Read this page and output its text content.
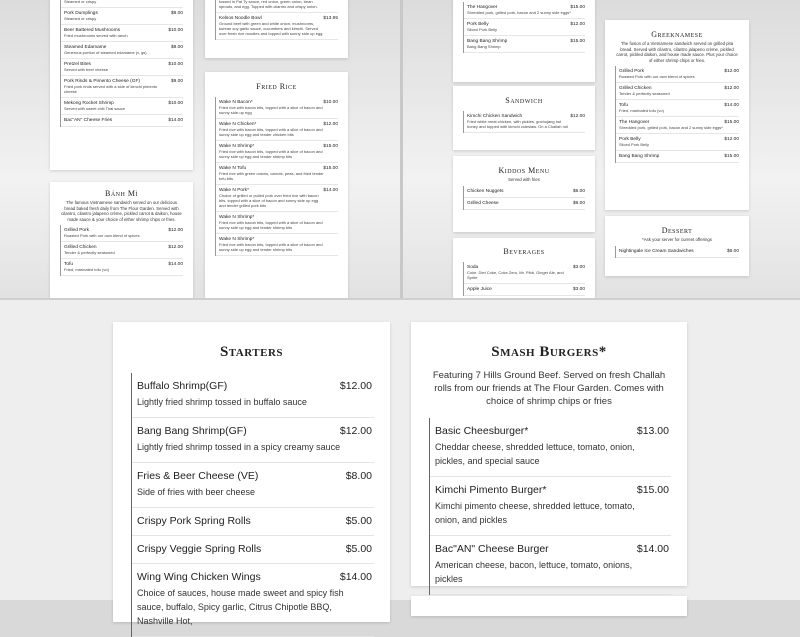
Steamed or crispy
Pork Dumplings	$8.00
Steamed or crispy
Beer Battered Mushrooms	$10.00
Fried mushrooms served with ranch
Steamed Edamame	$8.00
Generous portion of steamed edamame (v, gs)
Pretzel Bites	$10.00
Served with beer cheese
Pork Rinds & Pimento Cheese (GF)	$9.00
Fried pork rinds served with a side of kimchi pimento cheese
Mekong Rocket Shrimp	$10.00
Served with sweet chili Thai sauce
Bac"AN" Cheese Fries	$14.00
tossed in Pat Ty sauce, red onion, green onion, bean sprouts, and egg. Topped with cilantro and crispy onion.
Kelsos Noodle Bowl	$13.95
Ground beef with green and white onion, mushrooms, korean soy garlic sauce, cucumbers and kimchi. Served over fresh rice noodles and topped with sunny side up egg.
Fried Rice
Wake N Bacon*	$10.00
Fried rice with bacon bits, topped with a slice of bacon and sunny side-up egg
Wake N Chicken*	$12.00
Fried rice with bacon bits, topped with a slice of bacon and sunny side up egg and tender chicken bits
Wake N Shrimp*	$15.00
Fried rice with bacon bits, topped with a slice of bacon and sunny side up egg and tender shrimp bits
Wake N Tofu	$15.00
Fried rice with green onions, carrots, peas, and fried tender tofu bits
Wake N Pork*	$14.00
Choice of grilled or pulled pork over fried rice with bacon bits, topped with a slice of bacon and sunny side up egg and tender grilled pork bits
Wake N Shrimp*
Fried rice with bacon bits, topped with a slice of bacon and sunny side up egg and tender shrimp bits
Wake N Shrimp*
Fried rice with bacon bits, topped with a slice of bacon and sunny side up egg and tender shrimp bits
Bánh Mì
The famous Vietnamese sandwich served on our delicious bread baked fresh daily from The Flour Garden. Served with cilantro, cilantro jalapeno crème, pickled carrot & daikon, house made sauce & your choice of either shrimp chips or fries.
Grilled Pork	$12.00
Roasted Pork with our own blend of spices
Grilled Chicken	$12.00
Tender & perfectly seasoned
Tofu	$14.00
Fried, marinated tofu (vo)
The Hangover	$15.00
Shredded pork, grilled pork, bacon and 2 sunny side eggs*
Pork Belly	$12.00
Sliced Pork Belly
Bang Bang Shrimp	$15.00
Bang Bang Shrimp
Sandwich
Kimchi Chicken Sandwich	$12.00
Fried white meat chicken, with pickles, gochujang hot honey and topped with kimchi coleslaw. On a Challah roll
Kiddos Menu
Served with fries
Chicken Nuggets	$6.00
Grilled Cheese	$6.00
Beverages
Soda	$3.00
Coke, Diet Coke, Coke Zero, Mr. Pibb, Ginger Ale, and Sprite
Apple Juice	$3.00
Greeknamese
The fusion of a Vietnamese sandwich served on grilled pita bread. Served with cilantro, cilantro jalapeno crème, pickled carrot, pickled daikon, and house made sauce. Plus your choice of either shrimp chips or fries.
Grilled Pork	$12.00
Roasted Pork with our own blend of spices
Grilled Chicken	$12.00
Tender & perfectly seasoned
Tofu	$14.00
Fried, marinated tofu (vo)
The Hangover	$15.00
Shredded pork, grilled pork, bacon and 2 sunny side eggs*
Pork Belly	$12.00
Sliced Pork Belly
Bang Bang Shrimp	$15.00
Dessert
*Ask your server for current offerings
Nightingale Ice Cream Sandwiches	$6.00
Starters
Buffalo Shrimp(GF)	$12.00
Lightly fried shrimp tossed in buffalo sauce
Bang Bang Shrimp(GF)	$12.00
Lightly fried shrimp tossed in a spicy creamy sauce
Fries & Beer Cheese (VE)	$8.00
Side of fries with beer cheese
Crispy Pork Spring Rolls	$5.00
Crispy Veggie Spring Rolls	$5.00
Wing Wing Chicken Wings	$14.00
Choice of sauces, house made sweet and spicy fish sauce, buffalo, Spicy garlic, Citrus Chipotle BBQ, Nashville Hot,
Smash Burgers*
Featuring 7 Hills Ground Beef. Served on fresh Challah rolls from our friends at The Flour Garden. Comes with choice of shrimp chips or fries
Basic Cheesburger*	$13.00
Cheddar cheese, shredded lettuce, tomato, onion, pickles, and special sauce
Kimchi Pimento Burger*	$15.00
Kimchi pimento cheese, shredded lettuce, tomato, onion, and pickles
Bac"AN" Cheese Burger	$14.00
American cheese, bacon, lettuce, tomato, onions, pickles
